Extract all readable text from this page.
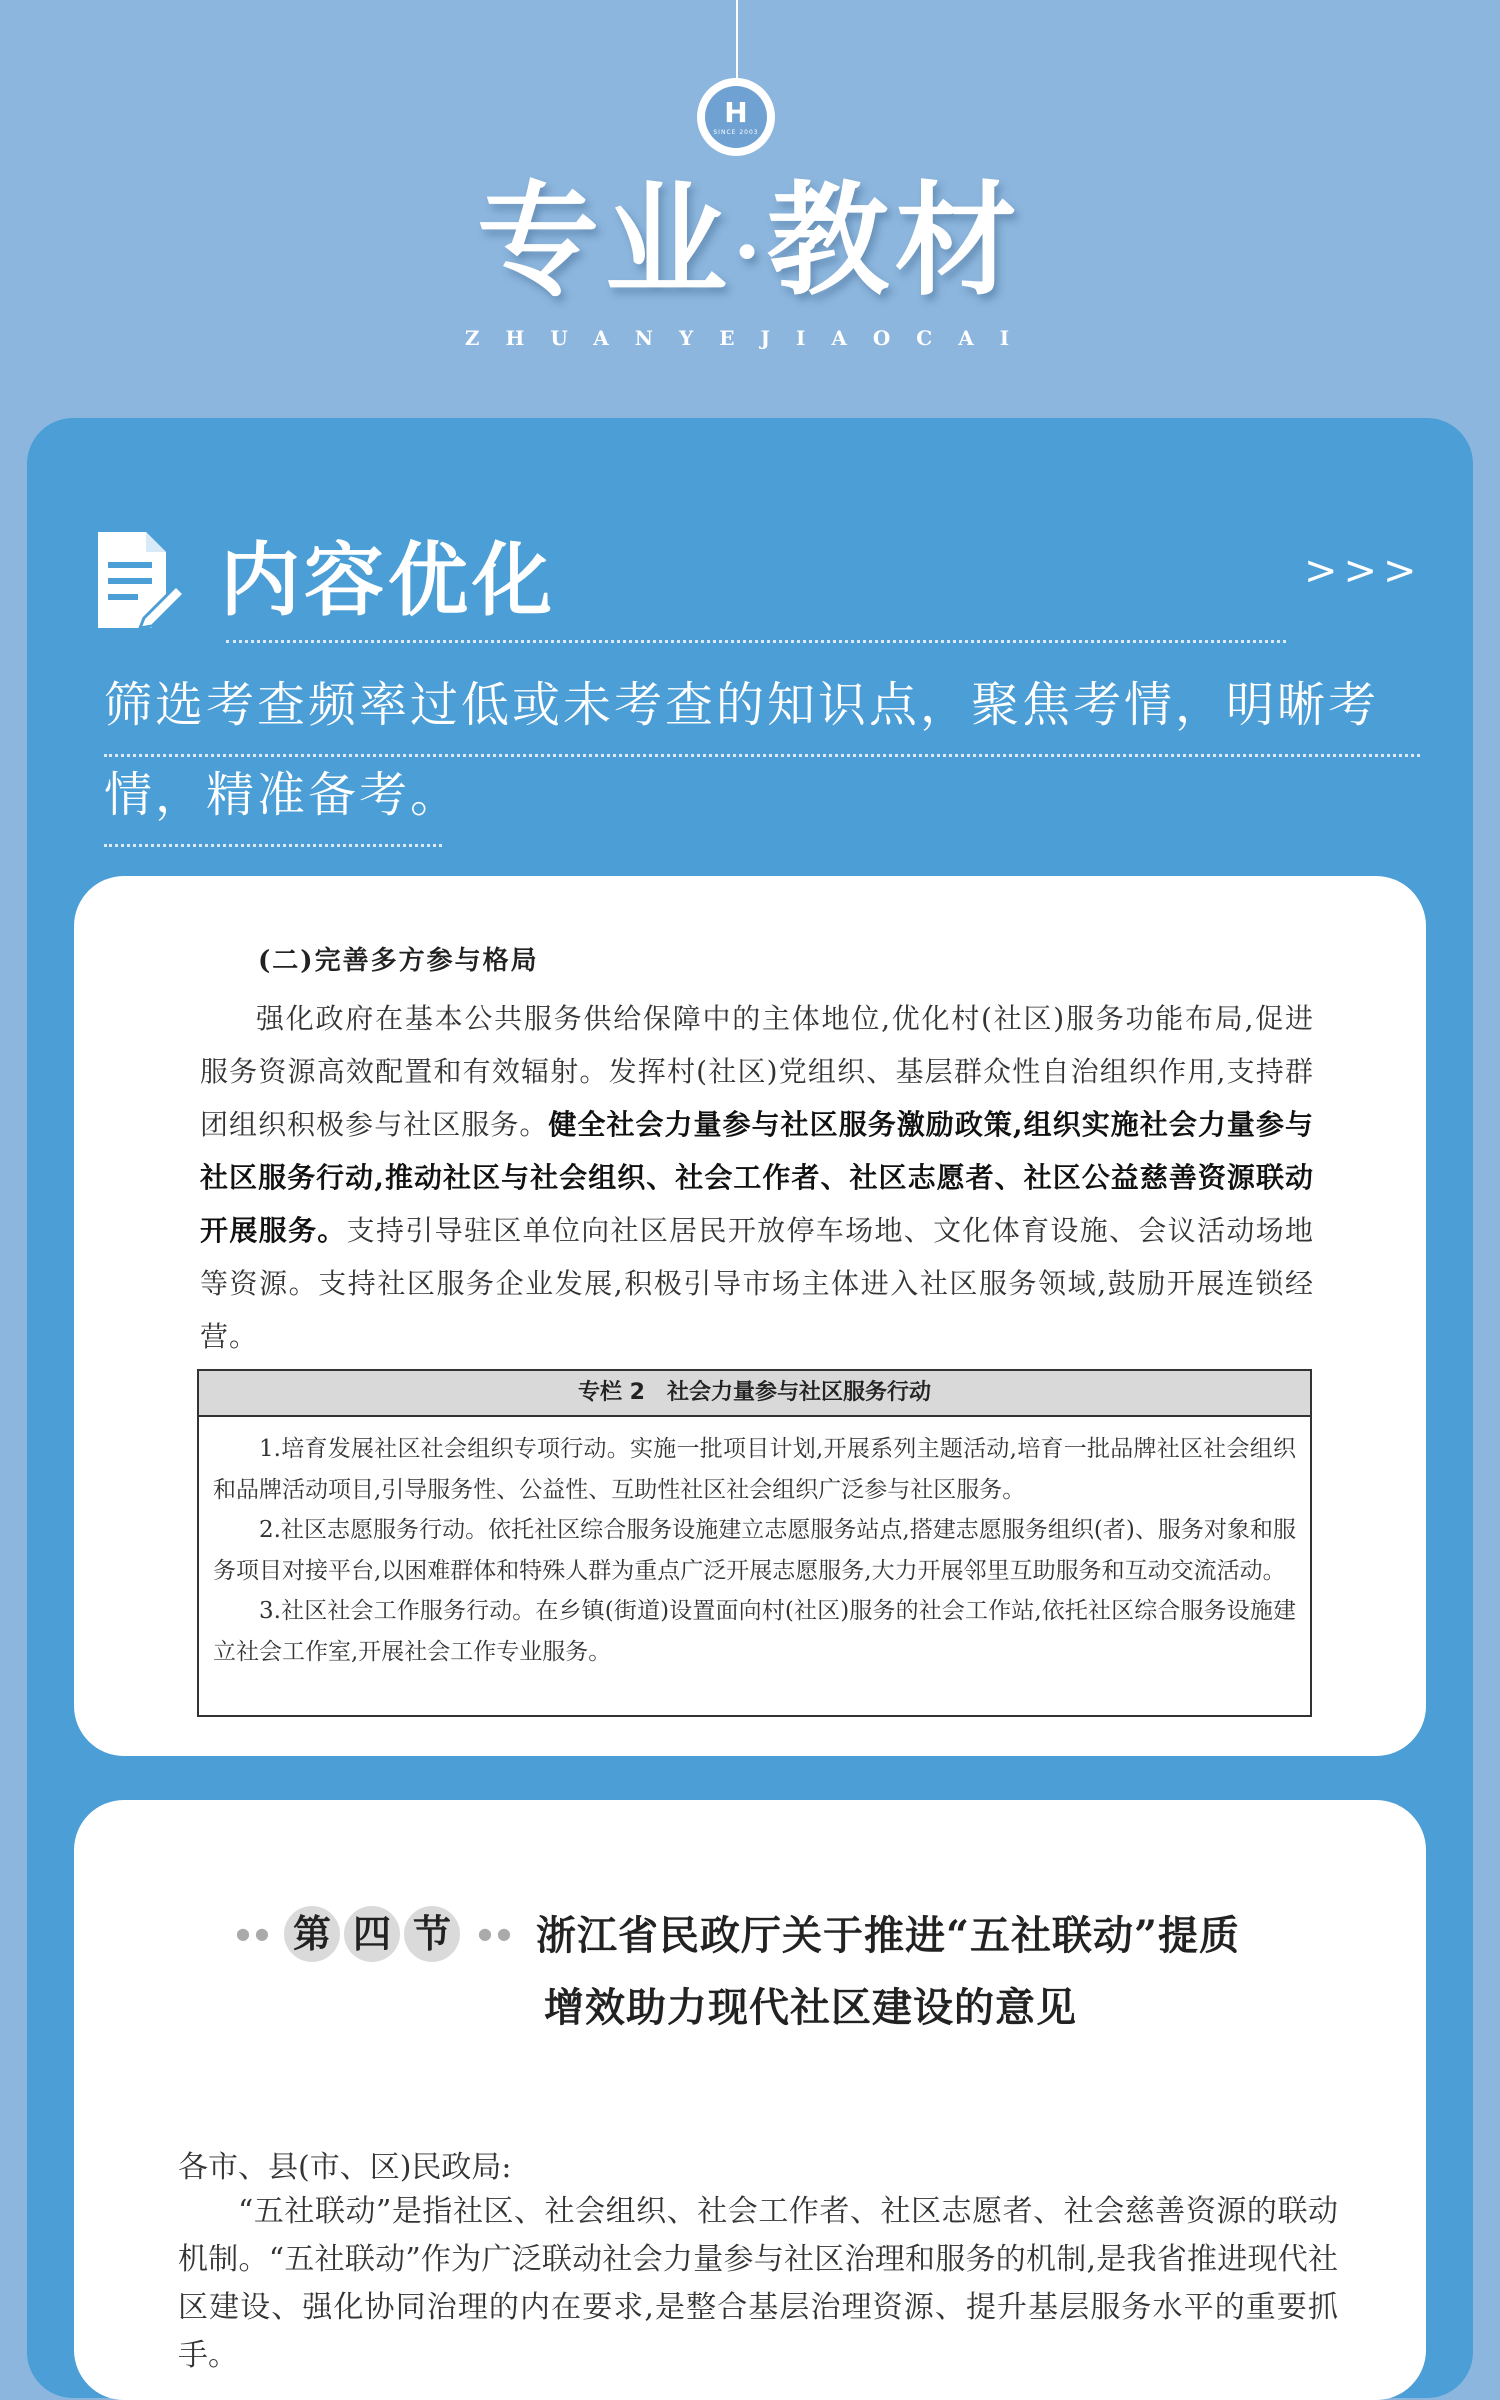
H
SINCE 2003
专业·教材
ZHUANYEJIAOCAI
内容优化	>>>
筛选考查频率过低或未考查的知识点，聚焦考情，明晰考情，精准备考。
(二)完善多方参与格局
强化政府在基本公共服务供给保障中的主体地位,优化村(社区)服务功能布局,促进服务资源高效配置和有效辐射。发挥村(社区)党组织、基层群众性自治组织作用,支持群团组织积极参与社区服务。健全社会力量参与社区服务激励政策,组织实施社会力量参与社区服务行动,推动社区与社会组织、社会工作者、社区志愿者、社区公益慈善资源联动开展服务。支持引导驻区单位向社区居民开放停车场地、文化体育设施、会议活动场地等资源。支持社区服务企业发展,积极引导市场主体进入社区服务领域,鼓励开展连锁经营。
专栏 2　社会力量参与社区服务行动

1.培育发展社区社会组织专项行动。实施一批项目计划,开展系列主题活动,培育一批品牌社区社会组织和品牌活动项目,引导服务性、公益性、互助性社区社会组织广泛参与社区服务。

2.社区志愿服务行动。依托社区综合服务设施建立志愿服务站点,搭建志愿服务组织(者)、服务对象和服务项目对接平台,以困难群体和特殊人群为重点广泛开展志愿服务,大力开展邻里互助服务和互动交流活动。

3.社区社会工作服务行动。在乡镇(街道)设置面向村(社区)服务的社会工作站,依托社区综合服务设施建立社会工作室,开展社会工作专业服务。

● ● 第 四 节	● ● 浙江省民政厅关于推进“五社联动”提质
增效助力现代社区建设的意见
各市、县(市、区)民政局:
“五社联动”是指社区、社会组织、社会工作者、社区志愿者、社会慈善资源的联动机制。“五社联动”作为广泛联动社会力量参与社区治理和服务的机制,是我省推进现代社区建设、强化协同治理的内在要求,是整合基层治理资源、提升基层服务水平的重要抓手。
